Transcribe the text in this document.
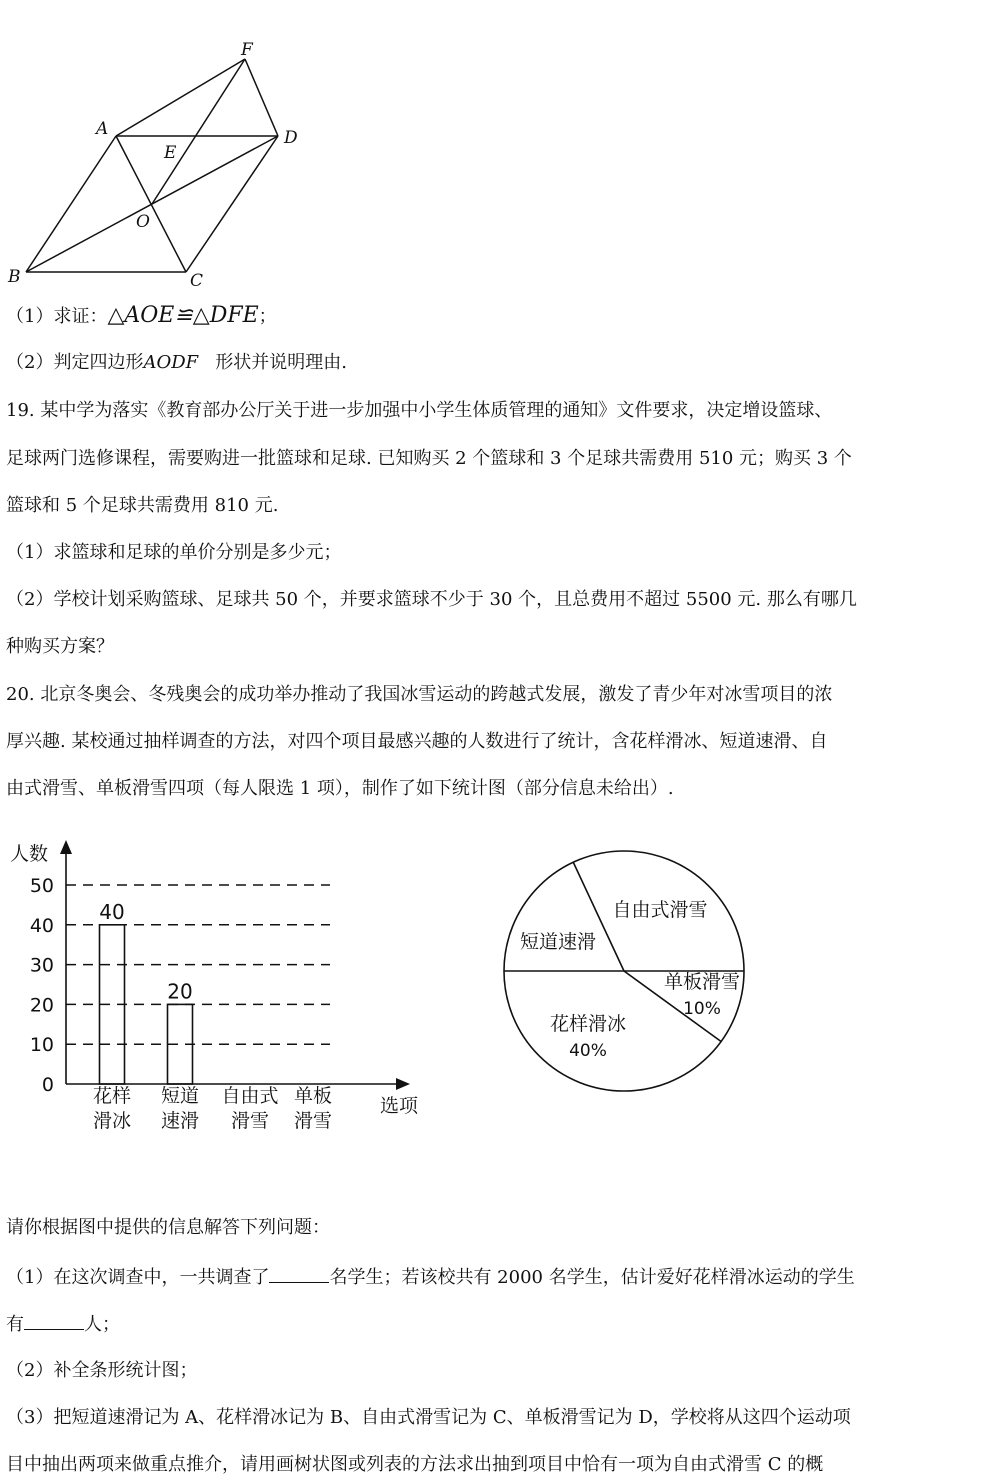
F
A
E
D
O
B	C
（1）求证：△AOE≌△DFE；
（2）判定四边形AODF 形状并说明理由.
19. 某中学为落实《教育部办公厅关于进一步加强中小学生体质管理的通知》文件要求，决定增设篮球、
足球两门选修课程，需要购进一批篮球和足球. 已知购买 2 个篮球和 3 个足球共需费用 510 元；购买 3 个
篮球和 5 个足球共需费用 810 元.
（1）求篮球和足球的单价分别是多少元；
（2）学校计划采购篮球、足球共 50 个，并要求篮球不少于 30 个，且总费用不超过 5500 元. 那么有哪几
种购买方案？
20. 北京冬奥会、冬残奥会的成功举办推动了我国冰雪运动的跨越式发展，激发了青少年对冰雪项目的浓
厚兴趣. 某校通过抽样调查的方法，对四个项目最感兴趣的人数进行了统计，含花样滑冰、短道速滑、自
由式滑雪、单板滑雪四项（每人限选 1 项），制作了如下统计图（部分信息未给出）.
0
10
20
30
40
50
人数
选项
40
花样
滑冰
20
短道
速滑
自由式
滑雪
单板
滑雪
自由式滑雪
单板滑雪
10%
花样滑冰
40%
短道速滑
请你根据图中提供的信息解答下列问题：
（1）在这次调查中，一共调查了	名学生；若该校共有 2000 名学生，估计爱好花样滑冰运动的学生
有	人；
（2）补全条形统计图；
（3）把短道速滑记为 A、花样滑冰记为 B、自由式滑雪记为 C、单板滑雪记为 D，学校将从这四个运动项
目中抽出两项来做重点推介，请用画树状图或列表的方法求出抽到项目中恰有一项为自由式滑雪 C 的概
